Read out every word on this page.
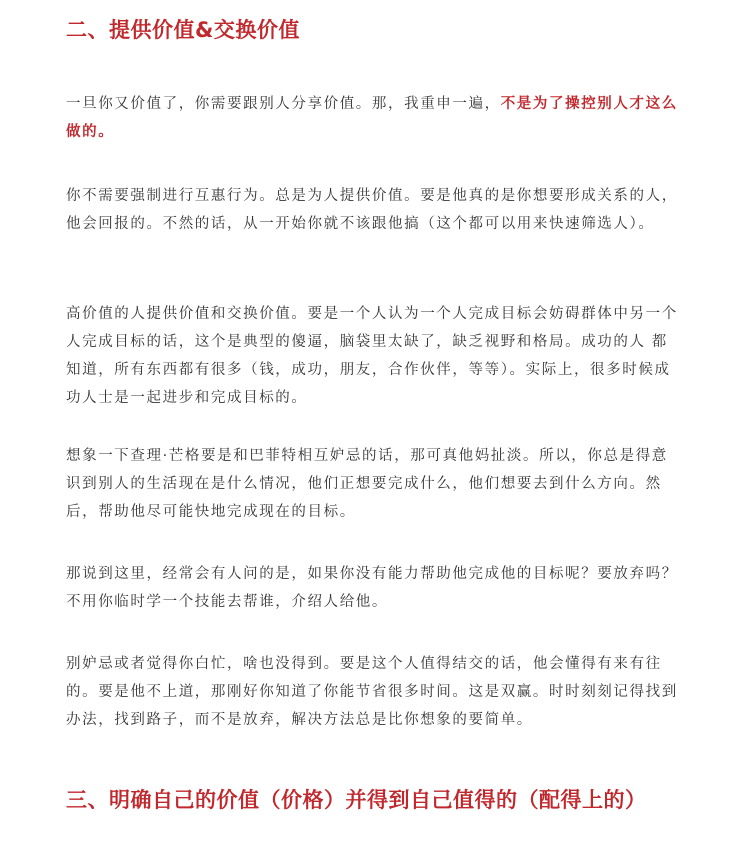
二、提供价值&交换价值

一旦你又价值了，你需要跟别人分享价值。那，我重申一遍，不是为了操控别人才这么做的。

你不需要强制进行互惠行为。总是为人提供价值。要是他真的是你想要形成关系的人，他会回报的。不然的话，从一开始你就不该跟他搞（这个都可以用来快速筛选人）。

高价值的人提供价值和交换价值。要是一个人认为一个人完成目标会妨碍群体中另一个人完成目标的话，这个是典型的傻逼，脑袋里太缺了，缺乏视野和格局。成功的人 都知道，所有东西都有很多（钱，成功，朋友，合作伙伴，等等）。实际上，很多时候成功人士是一起进步和完成目标的。

想象一下查理·芒格要是和巴菲特相互妒忌的话，那可真他妈扯淡。所以，你总是得意识到别人的生活现在是什么情况，他们正想要完成什么，他们想要去到什么方向。然后，帮助他尽可能快地完成现在的目标。

那说到这里，经常会有人问的是，如果你没有能力帮助他完成他的目标呢？要放弃吗？不用你临时学一个技能去帮谁，介绍人给他。

别妒忌或者觉得你白忙，啥也没得到。要是这个人值得结交的话，他会懂得有来有往的。要是他不上道，那刚好你知道了你能节省很多时间。这是双赢。时时刻刻记得找到办法，找到路子，而不是放弃，解决方法总是比你想象的要简单。

三、明确自己的价值（价格）并得到自己值得的（配得上的）
